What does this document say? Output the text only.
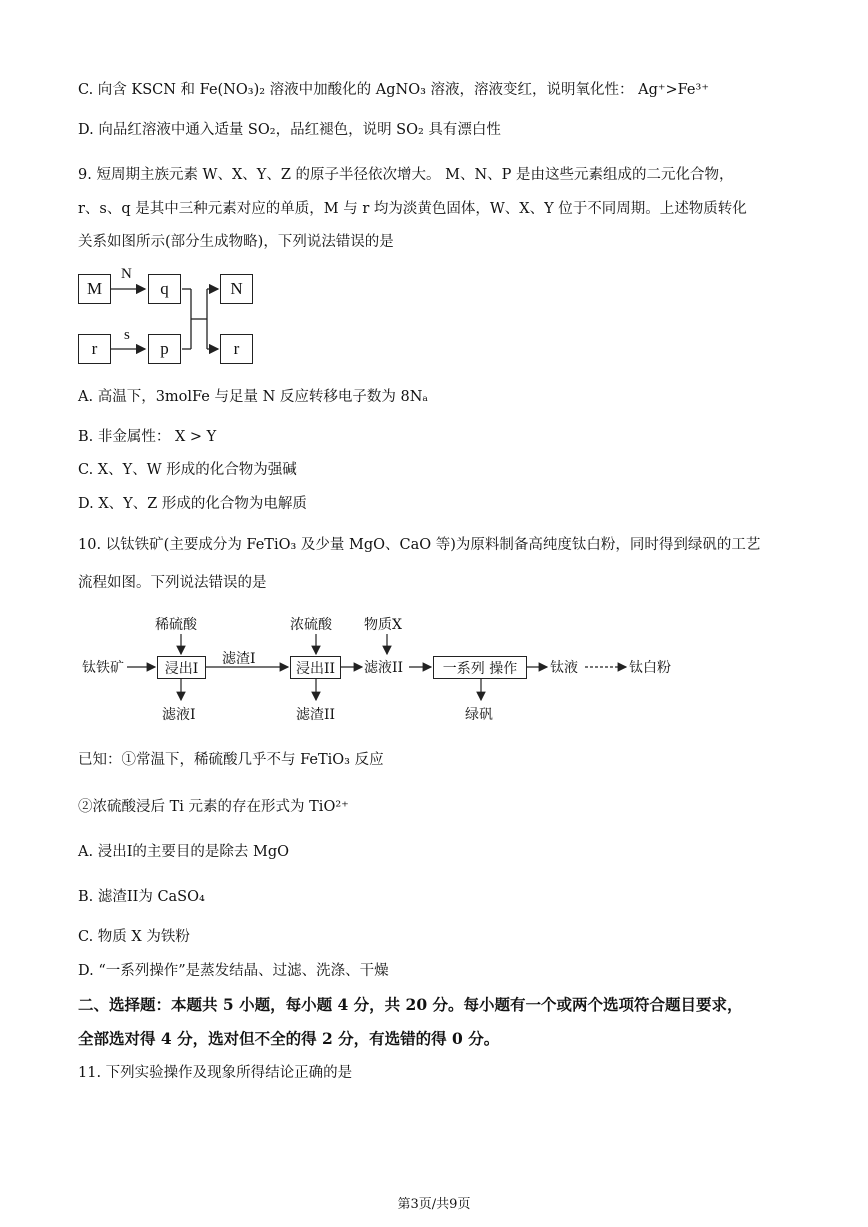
C. 向含 KSCN 和 Fe(NO₃)₂ 溶液中加酸化的 AgNO₃ 溶液，溶液变红，说明氧化性： Ag⁺>Fe³⁺
D. 向品红溶液中通入适量 SO₂，品红褪色，说明 SO₂ 具有漂白性
9. 短周期主族元素 W、X、Y、Z 的原子半径依次增大。 M、N、P 是由这些元素组成的二元化合物，
r、s、q 是其中三种元素对应的单质，M 与 r 均为淡黄色固体，W、X、Y 位于不同周期。上述物质转化
关系如图所示(部分生成物略)，下列说法错误的是
M	q	N
r	p	r
N
s
A. 高温下，3molFe 与足量 N 反应转移电子数为 8Nₐ
B. 非金属性： X > Y
C. X、Y、W 形成的化合物为强碱
D. X、Y、Z 形成的化合物为电解质
10. 以钛铁矿(主要成分为 FeTiO₃ 及少量 MgO、CaO 等)为原料制备高纯度钛白粉，同时得到绿矾的工艺
流程如图。下列说法错误的是
钛铁矿	浸出I	浸出II	一系列 操作
稀硫酸	浓硫酸 物质X
滤渣I
滤液I	滤渣II
滤液II
绿矾
钛液	钛白粉
已知：①常温下，稀硫酸几乎不与 FeTiO₃ 反应
②浓硫酸浸后 Ti 元素的存在形式为 TiO²⁺
A. 浸出I的主要目的是除去 MgO
B. 滤渣II为 CaSO₄
C. 物质 X 为铁粉
D. “一系列操作”是蒸发结晶、过滤、洗涤、干燥
二、选择题：本题共 5 小题，每小题 4 分，共 20 分。每小题有一个或两个选项符合题目要求，
全部选对得 4 分，选对但不全的得 2 分，有选错的得 0 分。
11. 下列实验操作及现象所得结论正确的是
第3页/共9页
